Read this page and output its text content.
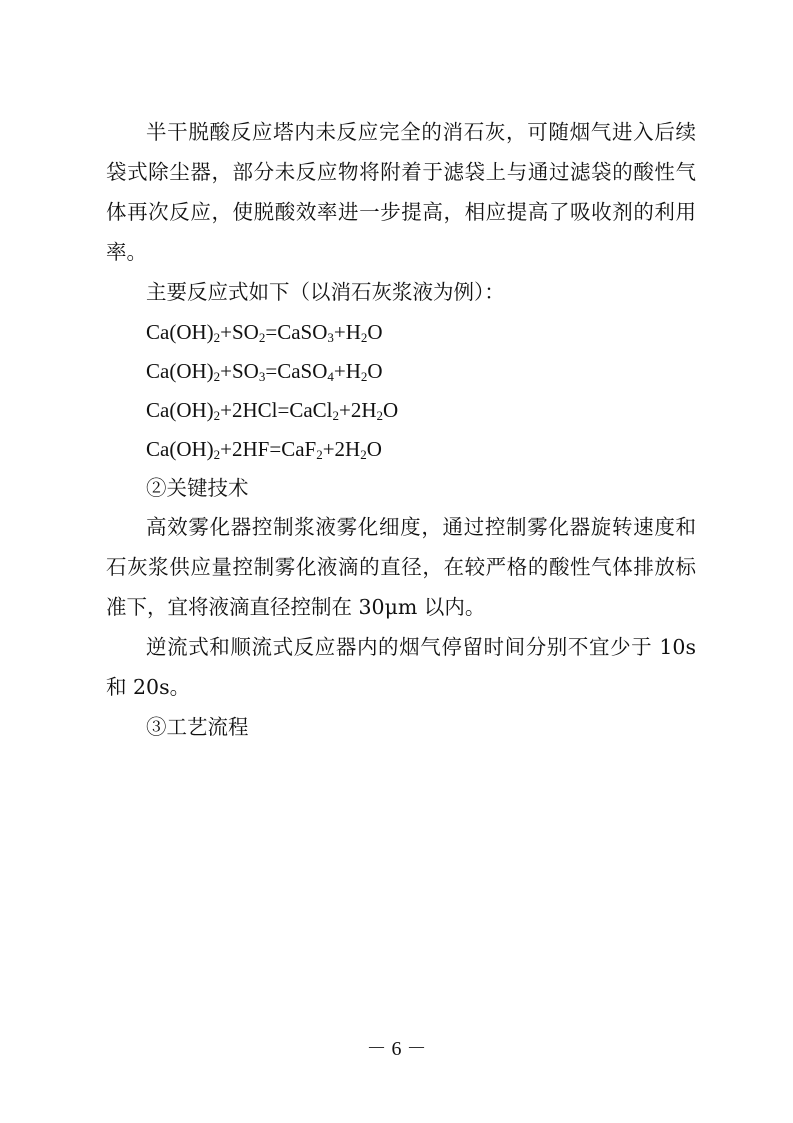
半干脱酸反应塔内未反应完全的消石灰，可随烟气进入后续
袋式除尘器，部分未反应物将附着于滤袋上与通过滤袋的酸性气
体再次反应，使脱酸效率进一步提高，相应提高了吸收剂的利用
率。
主要反应式如下（以消石灰浆液为例）：
$Ca(OH)_2+SO_2=CaSO_3+H_2O$
$Ca(OH)_2+SO_3=CaSO_4+H_2O$
$Ca(OH)_2+2HCl=CaCl_2+2H_2O$
$Ca(OH)_2+2HF=CaF_2+2H_2O$
②关键技术
高效雾化器控制浆液雾化细度，通过控制雾化器旋转速度和
石灰浆供应量控制雾化液滴的直径，在较严格的酸性气体排放标
准下，宜将液滴直径控制在 30μm 以内。
逆流式和顺流式反应器内的烟气停留时间分别不宜少于 10s
和 20s。
③工艺流程
－ 6 －
